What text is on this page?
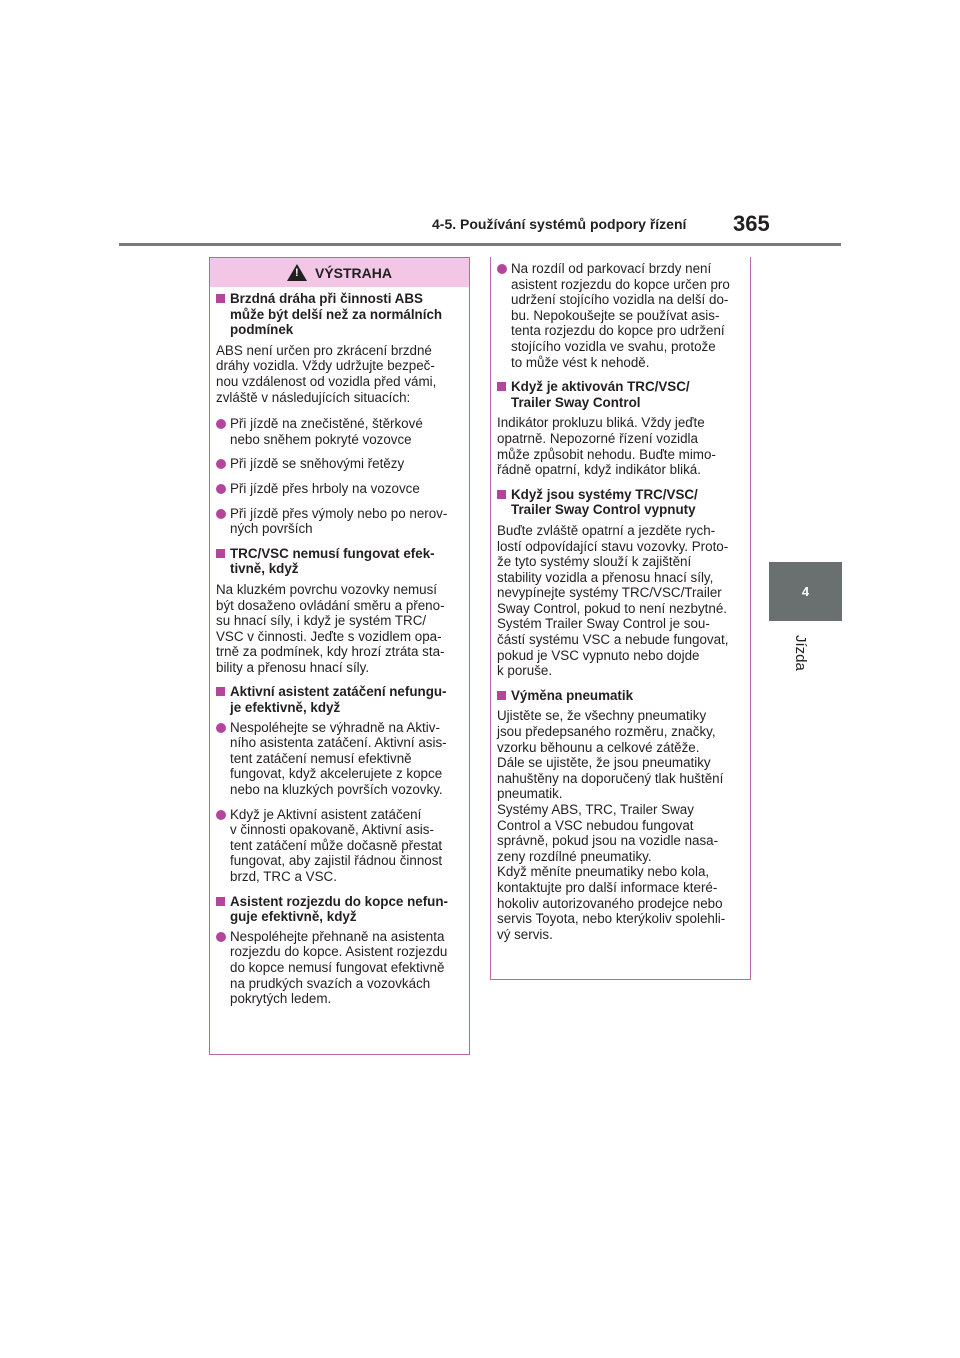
4-5. Používání systémů podpory řízení 365
4
Jízda
!
VÝSTRAHA
Brzdná dráha při činnosti ABS
může být delší než za normálních
podmínek
ABS není určen pro zkrácení brzdné
dráhy vozidla. Vždy udržujte bezpeč-
nou vzdálenost od vozidla před vámi,
zvláště v následujících situacích:
Při jízdě na znečistěné, štěrkové
nebo sněhem pokryté vozovce
Při jízdě se sněhovými řetězy
Při jízdě přes hrboly na vozovce
Při jízdě přes výmoly nebo po nerov-
ných površích
TRC/VSC nemusí fungovat efek-
tivně, když
Na kluzkém povrchu vozovky nemusí
být dosaženo ovládání směru a přeno-
su hnací síly, i když je systém TRC/
VSC v činnosti. Jeďte s vozidlem opa-
trně za podmínek, kdy hrozí ztráta sta-
bility a přenosu hnací síly.
Aktivní asistent zatáčení nefungu-
je efektivně, když
Nespoléhejte se výhradně na Aktiv-
ního asistenta zatáčení. Aktivní asis-
tent zatáčení nemusí efektivně
fungovat, když akcelerujete z kopce
nebo na kluzkých površích vozovky.
Když je Aktivní asistent zatáčení
v činnosti opakovaně, Aktivní asis-
tent zatáčení může dočasně přestat
fungovat, aby zajistil řádnou činnost
brzd, TRC a VSC.
Asistent rozjezdu do kopce nefun-
guje efektivně, když
Nespoléhejte přehnaně na asistenta
rozjezdu do kopce. Asistent rozjezdu
do kopce nemusí fungovat efektivně
na prudkých svazích a vozovkách
pokrytých ledem.
Na rozdíl od parkovací brzdy není
asistent rozjezdu do kopce určen pro
udržení stojícího vozidla na delší do-
bu. Nepokoušejte se používat asis-
tenta rozjezdu do kopce pro udržení
stojícího vozidla ve svahu, protože
to může vést k nehodě.
Když je aktivován TRC/VSC/
Trailer Sway Control
Indikátor prokluzu bliká. Vždy jeďte
opatrně. Nepozorné řízení vozidla
může způsobit nehodu. Buďte mimo-
řádně opatrní, když indikátor bliká.
Když jsou systémy TRC/VSC/
Trailer Sway Control vypnuty
Buďte zvláště opatrní a jezděte rych-
lostí odpovídající stavu vozovky. Proto-
že tyto systémy slouží k zajištění
stability vozidla a přenosu hnací síly,
nevypínejte systémy TRC/VSC/Trailer
Sway Control, pokud to není nezbytné.
Systém Trailer Sway Control je sou-
částí systému VSC a nebude fungovat,
pokud je VSC vypnuto nebo dojde
k poruše.
Výměna pneumatik
Ujistěte se, že všechny pneumatiky
jsou předepsaného rozměru, značky,
vzorku běhounu a celkové zátěže.
Dále se ujistěte, že jsou pneumatiky
nahuštěny na doporučený tlak huštění
pneumatik.
Systémy ABS, TRC, Trailer Sway
Control a VSC nebudou fungovat
správně, pokud jsou na vozidle nasa-
zeny rozdílné pneumatiky.
Když měníte pneumatiky nebo kola,
kontaktujte pro další informace které-
hokoliv autorizovaného prodejce nebo
servis Toyota, nebo kterýkoliv spolehli-
vý servis.
